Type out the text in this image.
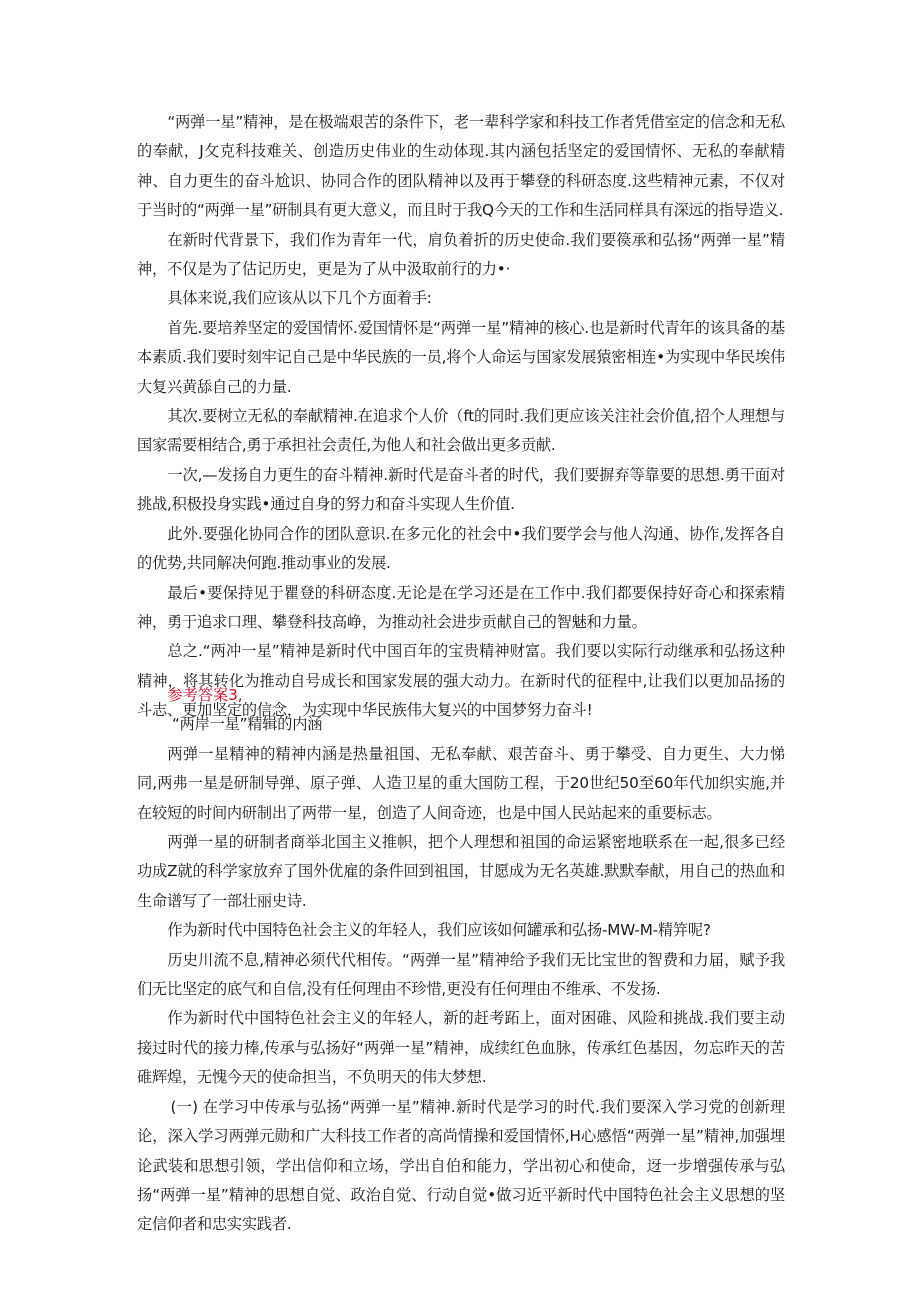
“两弹一星”精神，是在极端艰苦的条件下，老一辈科学家和科技工作者凭借室定的信念和无私的奉献，J攵克科技难关、创造历史伟业的生动体现.其内涵包括坚定的爱国情怀、无私的奉献精神、自力更生的奋斗尬识、协同合作的团队精神以及再于攀登的科研态度.这些精神元素，不仅对于当时的“两弹一星”研制具有更大意义，而且时于我Q今天的工作和生活同样具有深远的指导造义.

在新时代背景下，我们作为青年一代，肩负着折的历史使命.我们要篌承和弘扬“两弹一星”精神，不仅是为了估记历史，更是为了从中汲取前行的力•·

具体来说,我们应该从以下几个方面着手:

首先.要培养坚定的爱国情怀.爱国情怀是“两弹一星”精神的核心.也是新时代青年的该具备的基本素质.我们要时刻牢记自己是中华民族的一员,将个人命运与国家发展猿密相连•为实现中华民埃伟大复兴黄舔自己的力量.

其次.要树立无私的奉献精神.在追求个人价（ft的同时.我们更应该关注社会价值,招个人理想与国家需要相结合,勇于承担社会责任,为他人和社会做出更多贡献.

一次,—发扬自力更生的奋斗精神.新时代是奋斗者的时代，我们要摒弃等靠要的思想.勇干面对挑战,积极投身实践•通过自身的努力和奋斗实现人生价值.

此外.要强化协同合作的团队意识.在多元化的社会中•我们要学会与他人沟通、协作,发挥各自的优势,共同解决何跑.推动事业的发展.

最后•要保持见于瞿登的科研态度.无论是在学习还是在工作中.我们都要保持好奇心和探索精神，勇于追求口理、攀登科技高峥，为推动社会进步贡献自己的智魅和力量。

总之.“两冲一星”精神是新时代中国百年的宝贵精神财富。我们要以实际行动继承和弘扬这种精神，将其转化为推动自号成长和国家发展的强大动力。在新时代的征程中,让我们以更加品扬的斗志、更加坚定的信念，为实现中华民族伟大复兴的中国梦努力奋斗!

参考答案3,

“两岸一星”精辑的内涵

两弹一星精神的精神内涵是热量祖国、无私奉献、艰苦奋斗、勇于攀受、自力更生、大力悌同,两弗一星是研制导弹、原子弹、人造卫星的重大国防工程，于20世纪50至60年代加织实施,并在较短的时间内研制出了两带一星，创造了人间奇迹，也是中国人民站起来的重要标志。

两弹一星的研制者商举北国主义推帜，把个人理想和祖国的命运紧密地联系在一起,很多已经功成Z就的科学家放弃了国外优雇的条件回到祖国，甘愿成为无名英雄.默默奉献，用自己的热血和生命谱写了一部壮丽史诗.

作为新时代中国特色社会主义的年轻人，我们应该如何罐承和弘扬-MW-M-精笄呢?

历史川流不息,精神必须代代相传。“两弹一星”精神给予我们无比宝世的智费和力届，赋予我们无比坚定的底气和自信,没有任何理由不珍惜,更没有任何理由不维承、不发扬.

作为新时代中国特色社会主义的年轻人，新的赶考跖上，面对困碓、风险和挑战.我们要主动接过时代的接力棒,传承与弘扬好“两弹一星”精神，成续红色血脉，传承红色基因，勿忘昨天的苦碓辉煌，无愧今天的使命担当，不负明天的伟大梦想.

(一) 在学习中传承与弘扬“两弹一星”精神.新时代是学习的时代.我们要深入学习党的创新理论，深入学习两弹元勋和广大科技工作者的高尚情操和爱国情怀,H心感悟“两弹一星”精神,加强埋论武装和思想引领，学出信仰和立场，学出自伯和能力，学出初心和使命，迓一步增强传承与弘扬“两弹一星”精神的思想自觉、政治自觉、行动自觉•做习近平新时代中国特色社会主义思想的坚定信仰者和忠实实践者.
